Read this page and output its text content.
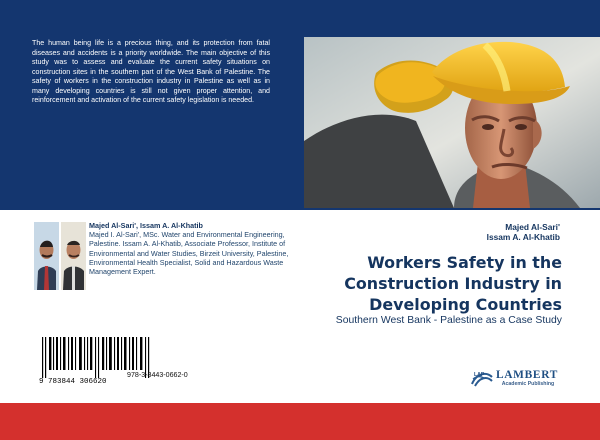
The human being life is a precious thing, and its protection from fatal diseases and accidents is a priority worldwide. The main objective of this study was to assess and evaluate the current safety situations on construction sites in the southern part of the West Bank of Palestine. The safety of workers in the construction industry in Palestine as well as in many developing countries is still not given proper attention, and reinforcement and activation of the current safety legislation is needed.

Majed Al-Sari', Issam A. Al-Khatib
Majed I. Al-Sari', MSc. Water and Environmental Engineering, Palestine. Issam A. Al-Khatib, Associate Professor, Institute of Environmental and Water Studies, Birzeit University, Palestine, Environmental Health Specialist, Solid and Hazardous Waste Management Expert.
Majed Al-Sari'
Issam A. Al-Khatib
Workers Safety in the
Construction Industry in
Developing Countries
Southern West Bank - Palestine as a Case Study
9 783844 306620
978-3-8443-0662-0	LAP	LAMBERT
Academic Publishing
